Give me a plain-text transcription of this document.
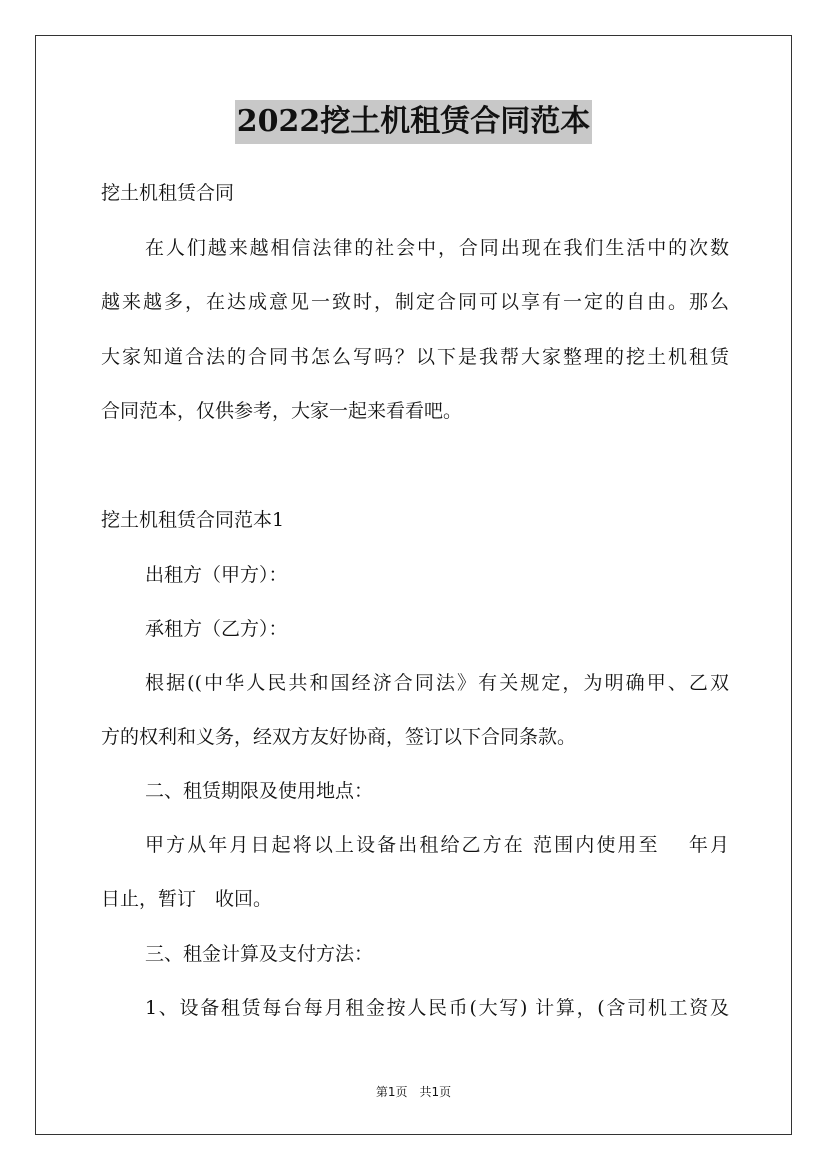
2022挖土机租赁合同范本
挖土机租赁合同
在人们越来越相信法律的社会中，合同出现在我们生活中的次数
越来越多，在达成意见一致时，制定合同可以享有一定的自由。那么
大家知道合法的合同书怎么写吗？以下是我帮大家整理的挖土机租赁
合同范本，仅供参考，大家一起来看看吧。
挖土机租赁合同范本1
出租方（甲方）：
承租方（乙方）：
根据((中华人民共和国经济合同法》有关规定，为明确甲、乙双
方的权利和义务，经双方友好协商，签订以下合同条款。
二、租赁期限及使用地点：
甲方从年月日起将以上设备出租给乙方在 范围内使用至　 年月
日止，暂订　收回。
三、租金计算及支付方法：
1、设备租赁每台每月租金按人民币(大写) 计算，(含司机工资及
第1页　共1页
